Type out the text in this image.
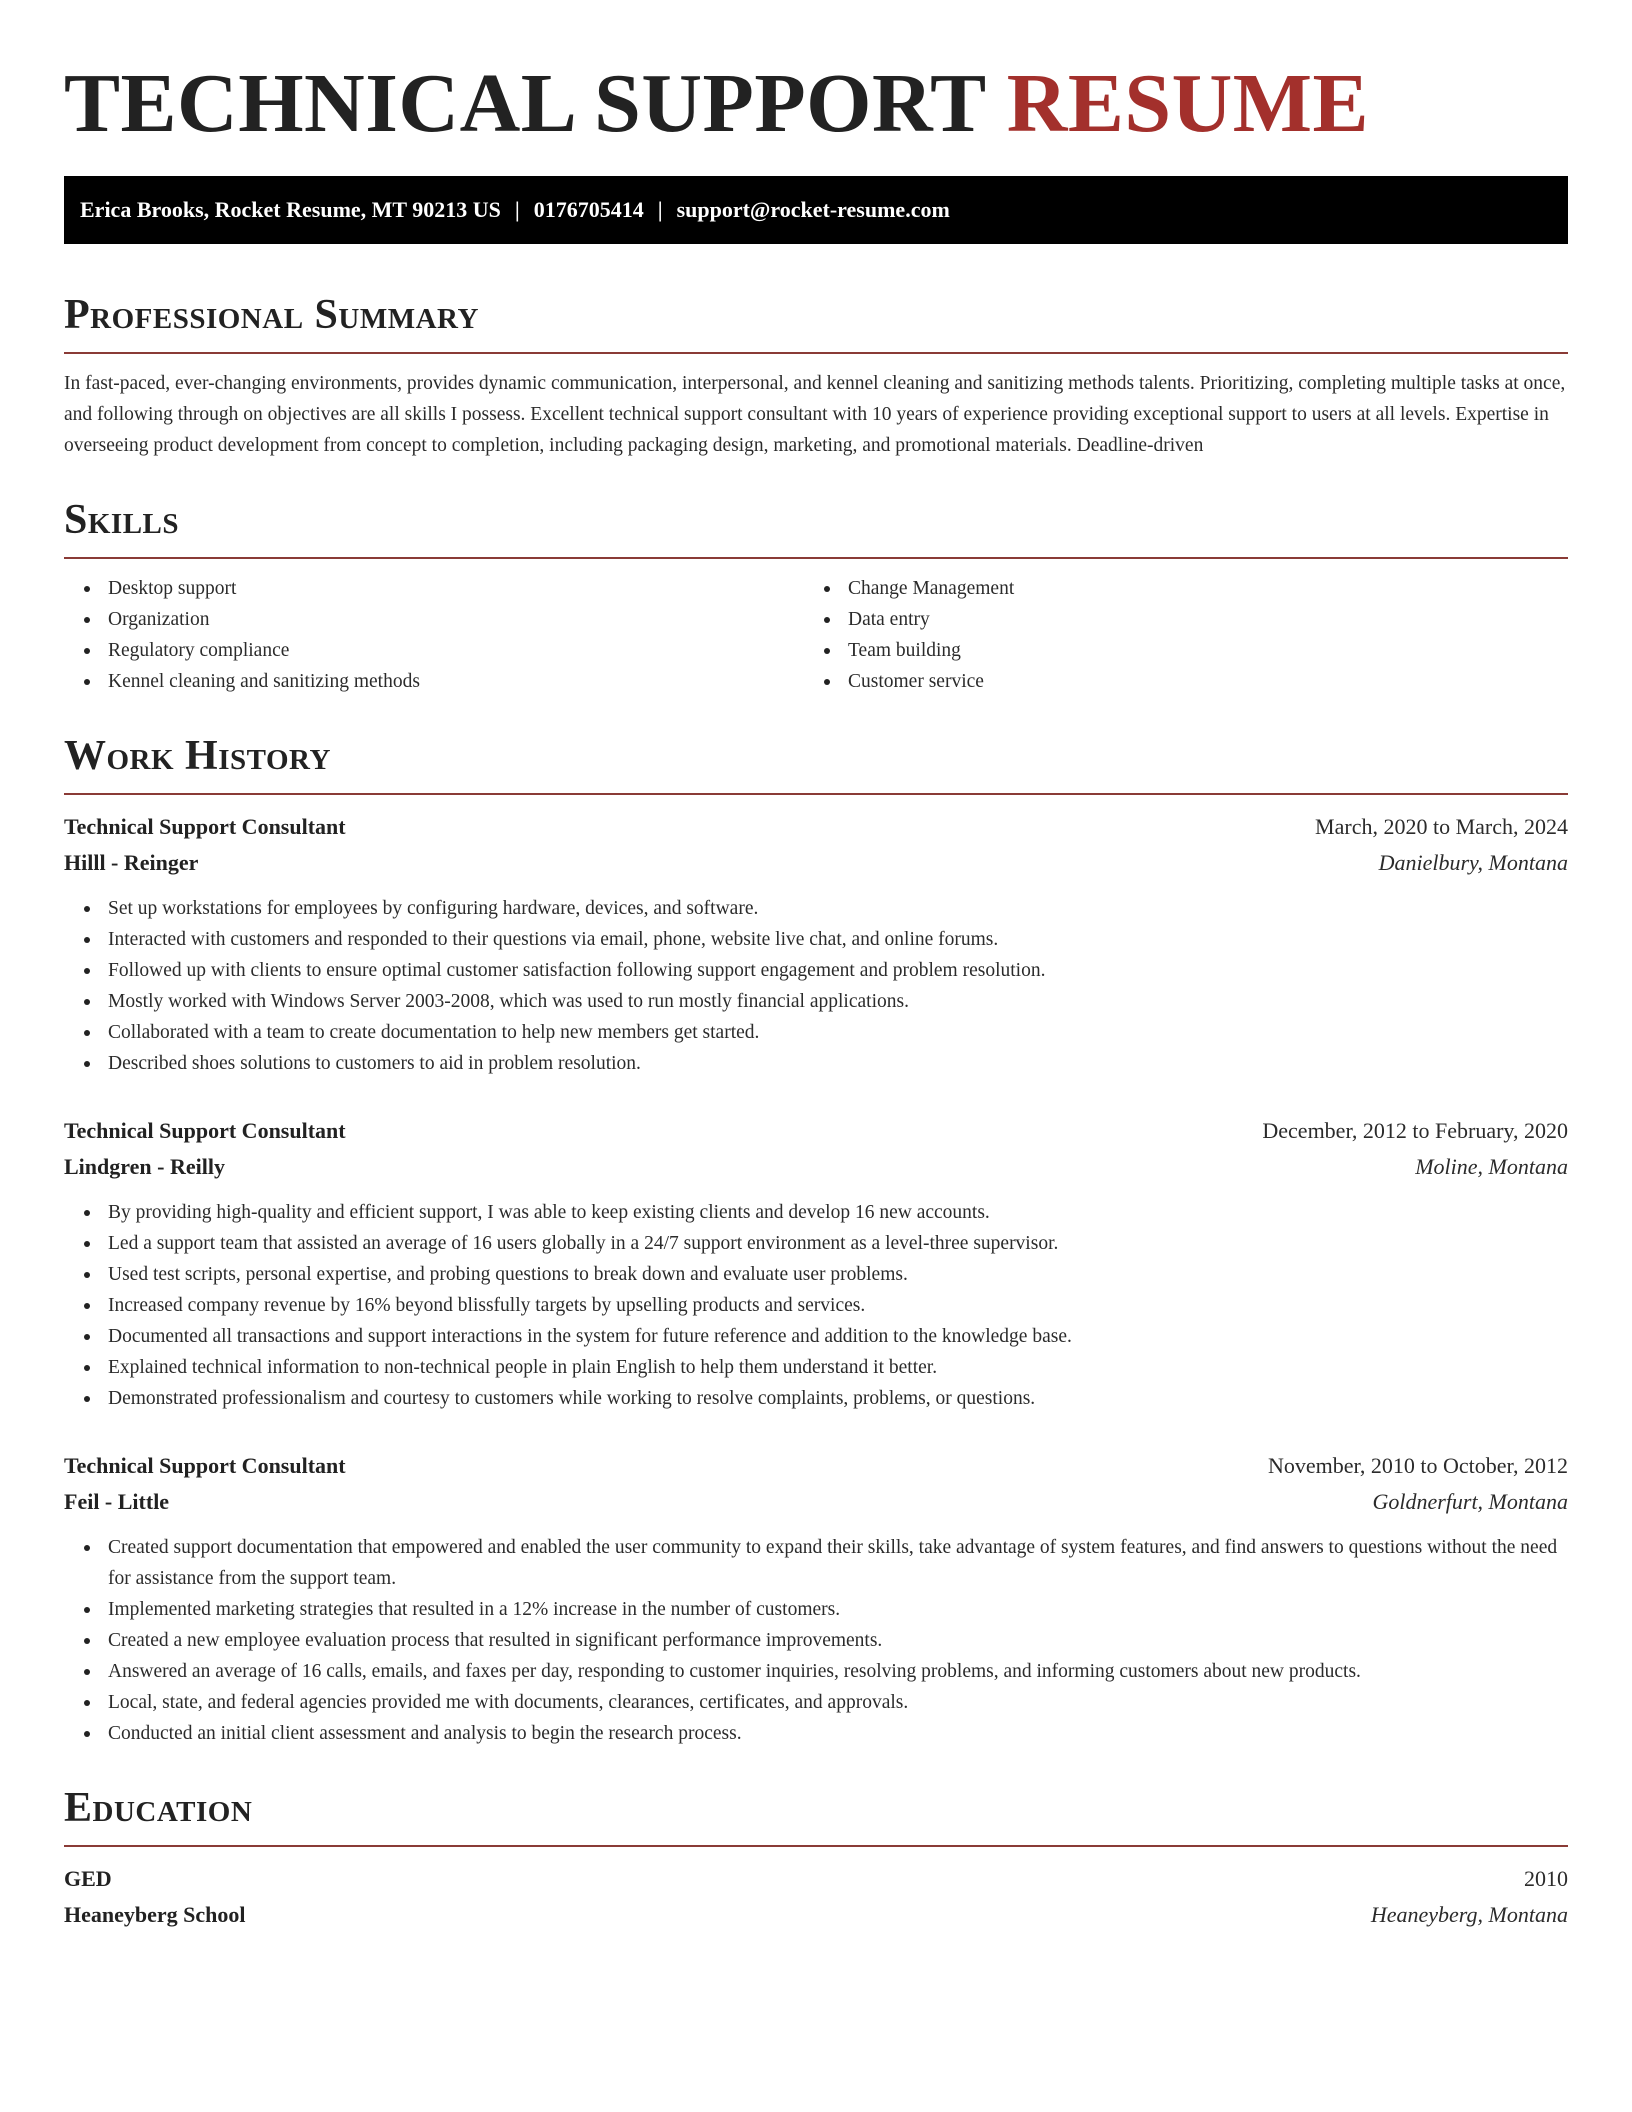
TECHNICAL SUPPORT RESUME
Erica Brooks, Rocket Resume, MT 90213 US | 0176705414 | support@rocket-resume.com
Professional Summary

In fast-paced, ever-changing environments, provides dynamic communication, interpersonal, and kennel cleaning and sanitizing methods talents. Prioritizing, completing multiple tasks at once, and following through on objectives are all skills I possess. Excellent technical support consultant with 10 years of experience providing exceptional support to users at all levels. Expertise in overseeing product development from concept to completion, including packaging design, marketing, and promotional materials. Deadline-driven

Skills
Desktop support
Organization
Regulatory compliance
Kennel cleaning and sanitizing methods
Change Management
Data entry
Team building
Customer service
Work History
Technical Support Consultant	March, 2020 to March, 2024
Hilll - Reinger	Danielbury, Montana
Set up workstations for employees by configuring hardware, devices, and software.
Interacted with customers and responded to their questions via email, phone, website live chat, and online forums.
Followed up with clients to ensure optimal customer satisfaction following support engagement and problem resolution.
Mostly worked with Windows Server 2003-2008, which was used to run mostly financial applications.
Collaborated with a team to create documentation to help new members get started.
Described shoes solutions to customers to aid in problem resolution.
Technical Support Consultant	December, 2012 to February, 2020
Lindgren - Reilly	Moline, Montana
By providing high-quality and efficient support, I was able to keep existing clients and develop 16 new accounts.
Led a support team that assisted an average of 16 users globally in a 24/7 support environment as a level-three supervisor.
Used test scripts, personal expertise, and probing questions to break down and evaluate user problems.
Increased company revenue by 16% beyond blissfully targets by upselling products and services.
Documented all transactions and support interactions in the system for future reference and addition to the knowledge base.
Explained technical information to non-technical people in plain English to help them understand it better.
Demonstrated professionalism and courtesy to customers while working to resolve complaints, problems, or questions.
Technical Support Consultant	November, 2010 to October, 2012
Feil - Little	Goldnerfurt, Montana
Created support documentation that empowered and enabled the user community to expand their skills, take advantage of system features, and find answers to questions without the need for assistance from the support team.
Implemented marketing strategies that resulted in a 12% increase in the number of customers.
Created a new employee evaluation process that resulted in significant performance improvements.
Answered an average of 16 calls, emails, and faxes per day, responding to customer inquiries, resolving problems, and informing customers about new products.
Local, state, and federal agencies provided me with documents, clearances, certificates, and approvals.
Conducted an initial client assessment and analysis to begin the research process.
Education
GED	2010
Heaneyberg School	Heaneyberg, Montana
